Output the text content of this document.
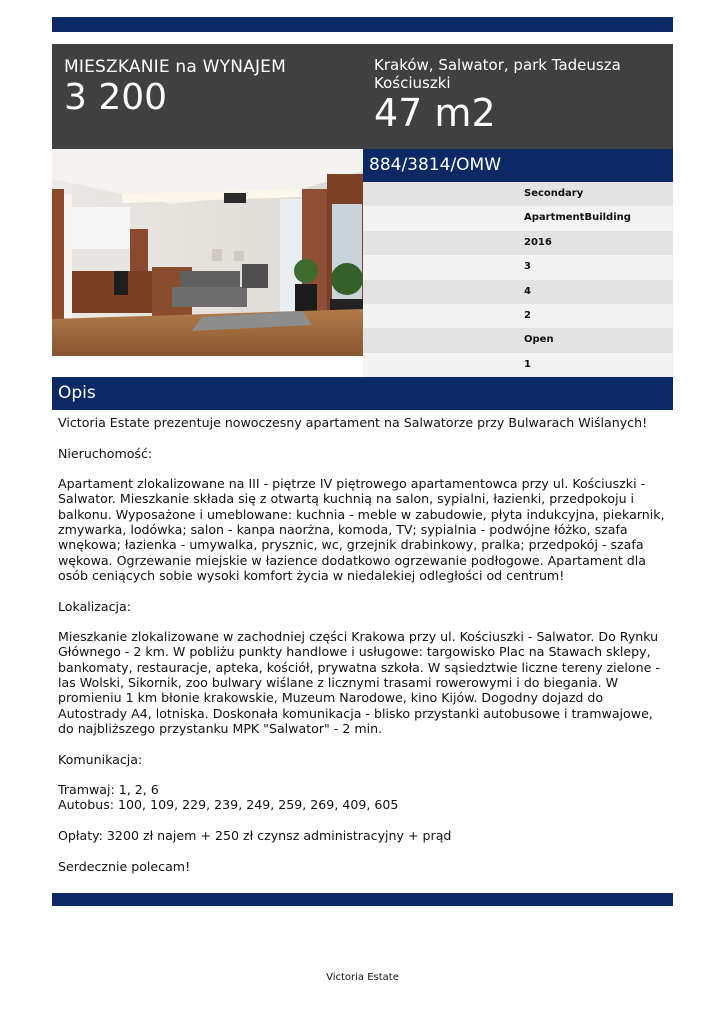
MIESZKANIE na WYNAJEM
3 200
Kraków, Salwator, park Tadeusza Kościuszki
47 m2
884/3814/OMW
Secondary
ApartmentBuilding
2016
3
4
2
Open
1
Opis

Victoria Estate prezentuje nowoczesny apartament na Salwatorze przy Bulwarach Wiślanych!

Nieruchomość:

Apartament zlokalizowane na III - piętrze IV piętrowego apartamentowca przy ul. Kościuszki - Salwator. Mieszkanie składa się z otwartą kuchnią na salon, sypialni, łazienki, przedpokoju i balkonu. Wyposażone i umeblowane: kuchnia - meble w zabudowie, płyta indukcyjna, piekarnik, zmywarka, lodówka; salon - kanpa naorżna, komoda, TV; sypialnia - podwójne łóżko, szafa wnękowa; łazienka - umywalka, prysznic, wc, grzejnik drabinkowy, pralka; przedpokój - szafa wękowa. Ogrzewanie miejskie w łazience dodatkowo ogrzewanie podłogowe. Apartament dla osób ceniących sobie wysoki komfort życia w niedalekiej odległości od centrum!

Lokalizacja:

Mieszkanie zlokalizowane w zachodniej części Krakowa przy ul. Kościuszki - Salwator. Do Rynku Głównego - 2 km. W pobliżu punkty handlowe i usługowe: targowisko Plac na Stawach sklepy, bankomaty, restauracje, apteka, kościół, prywatna szkoła. W sąsiedztwie liczne tereny zielone - las Wolski, Sikornik, zoo bulwary wiślane z licznymi trasami rowerowymi i do biegania. W promieniu 1 km błonie krakowskie, Muzeum Narodowe, kino Kijów. Dogodny dojazd do Autostrady A4, lotniska. Doskonała komunikacja - blisko przystanki autobusowe i tramwajowe, do najbliższego przystanku MPK "Salwator" - 2 min.

Komunikacja:

Tramwaj: 1, 2, 6

Autobus: 100, 109, 229, 239, 249, 259, 269, 409, 605

Opłaty: 3200 zł najem + 250 zł czynsz administracyjny + prąd

Serdecznie polecam!

Victoria Estate
